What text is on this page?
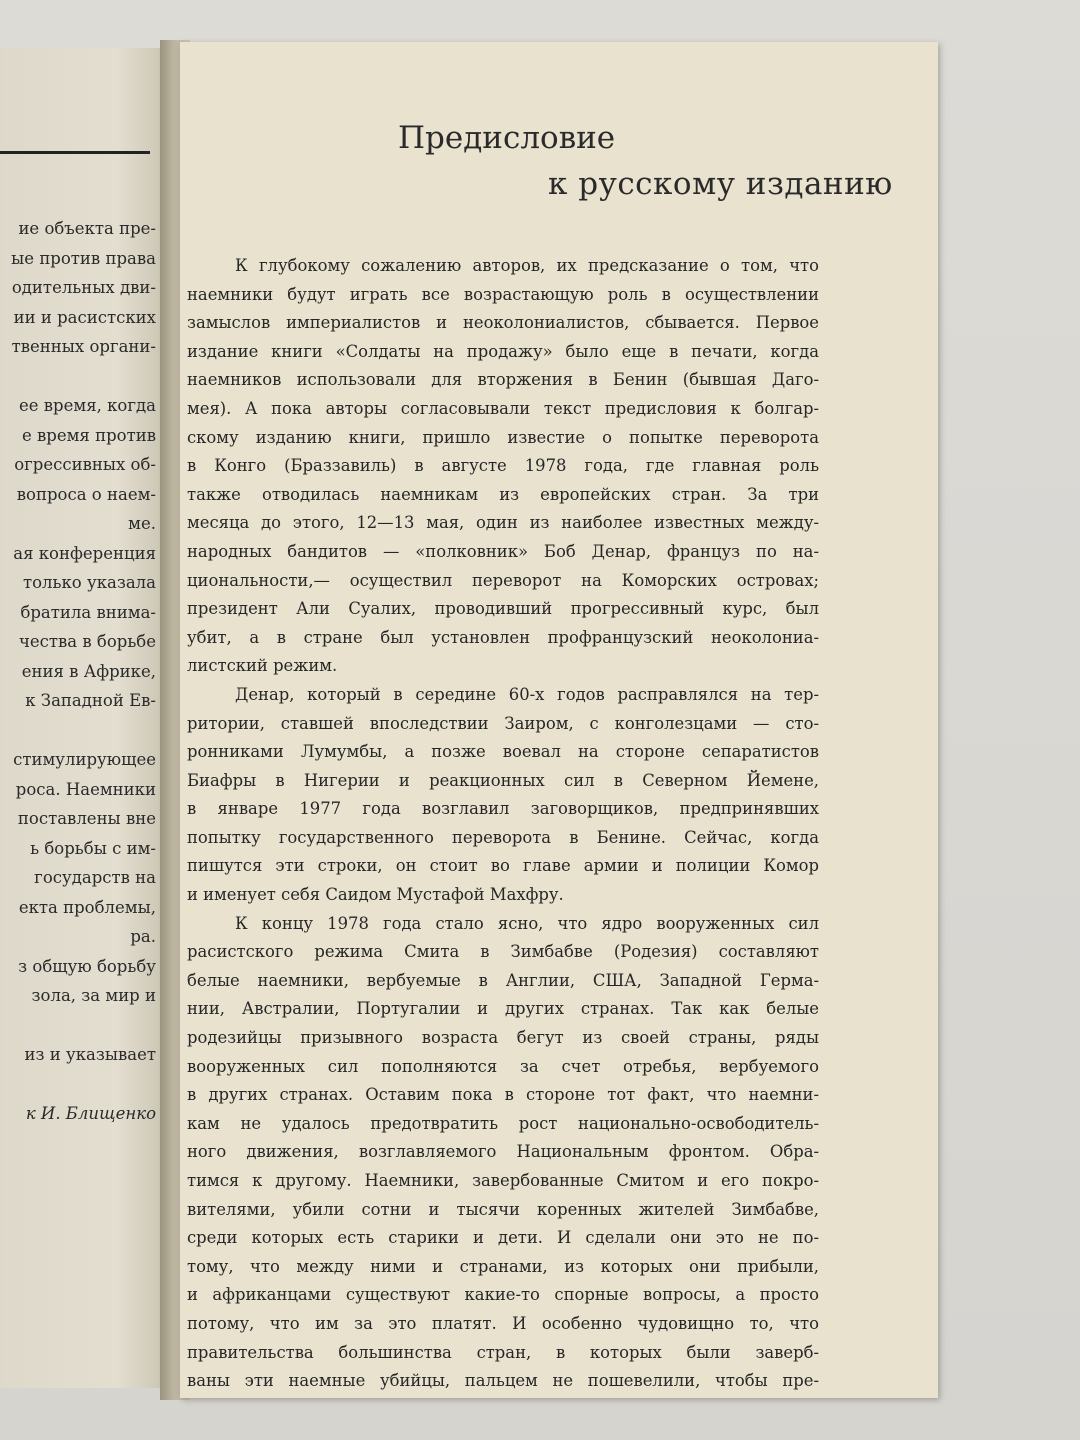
ие объекта пре-
ые против права
одительных дви-
ии и расистских
твенных органи-
ее время, когда
е время против
огрессивных об-
вопроса о наем-
ме.
ая конференция
только указала
братила внима-
чества в борьбе
ения в Африке,
к Западной Ев-
стимулирующее
роса. Наемники
поставлены вне
ь борьбы с им-
государств на
екта проблемы,
ра.
з общую борьбу
зола, за мир и
из и указывает
к И. Блищенко
Предисловие
к русскому изданию
К глубокому сожалению авторов, их предсказание о том, что
наемники будут играть все возрастающую роль в осуществлении
замыслов империалистов и неоколониалистов, сбывается. Первое
издание книги «Солдаты на продажу» было еще в печати, когда
наемников использовали для вторжения в Бенин (бывшая Даго-
мея). А пока авторы согласовывали текст предисловия к болгар-
скому изданию книги, пришло известие о попытке переворота
в Конго (Браззавиль) в августе 1978 года, где главная роль
также отводилась наемникам из европейских стран. За три
месяца до этого, 12—13 мая, один из наиболее известных между-
народных бандитов — «полковник» Боб Денар, француз по на-
циональности,— осуществил переворот на Коморских островах;
президент Али Суалих, проводивший прогрессивный курс, был
убит, а в стране был установлен профранцузский неоколониа-
листский режим.
Денар, который в середине 60-х годов расправлялся на тер-
ритории, ставшей впоследствии Заиром, с конголезцами — сто-
ронниками Лумумбы, а позже воевал на стороне сепаратистов
Биафры в Нигерии и реакционных сил в Северном Йемене,
в январе 1977 года возглавил заговорщиков, предпринявших
попытку государственного переворота в Бенине. Сейчас, когда
пишутся эти строки, он стоит во главе армии и полиции Комор
и именует себя Саидом Мустафой Махфру.
К концу 1978 года стало ясно, что ядро вооруженных сил
расистского режима Смита в Зимбабве (Родезия) составляют
белые наемники, вербуемые в Англии, США, Западной Герма-
нии, Австралии, Португалии и других странах. Так как белые
родезийцы призывного возраста бегут из своей страны, ряды
вооруженных сил пополняются за счет отребья, вербуемого
в других странах. Оставим пока в стороне тот факт, что наемни-
кам не удалось предотвратить рост национально-освободитель-
ного движения, возглавляемого Национальным фронтом. Обра-
тимся к другому. Наемники, завербованные Смитом и его покро-
вителями, убили сотни и тысячи коренных жителей Зимбабве,
среди которых есть старики и дети. И сделали они это не по-
тому, что между ними и странами, из которых они прибыли,
и африканцами существуют какие-то спорные вопросы, а просто
потому, что им за это платят. И особенно чудовищно то, что
правительства большинства стран, в которых были заверб-
ваны эти наемные убийцы, пальцем не пошевелили, чтобы пре-
